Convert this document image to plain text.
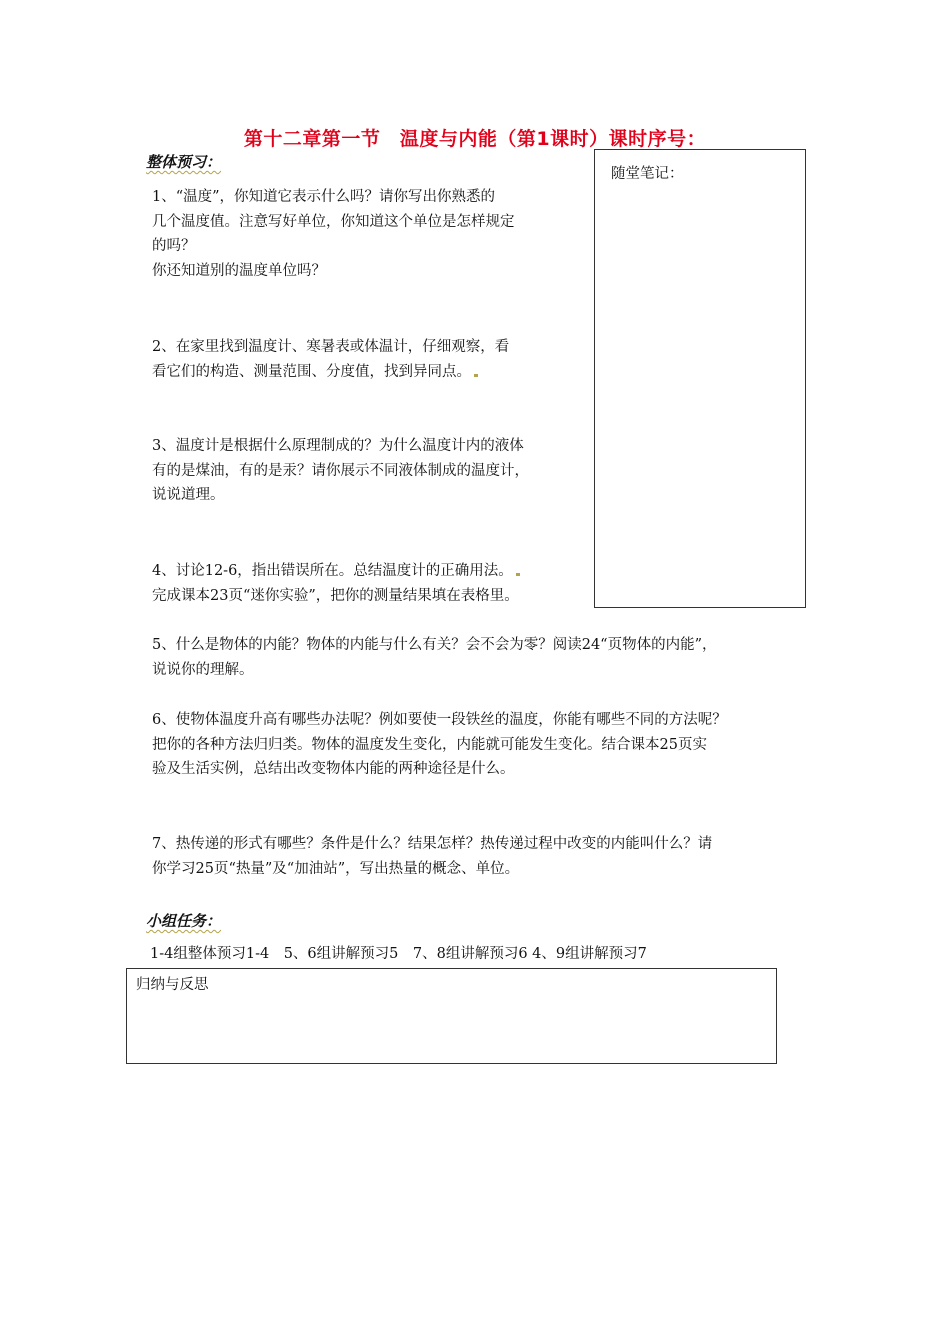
第十二章第一节　温度与内能（第1课时）课时序号：
整体预习：
随堂笔记：

1、“温度”，你知道它表示什么吗？请你写出你熟悉的

几个温度值。注意写好单位，你知道这个单位是怎样规定

的吗？

你还知道别的温度单位吗？

2、在家里找到温度计、寒暑表或体温计，仔细观察，看

看它们的构造、测量范围、分度值，找到异同点。

3、温度计是根据什么原理制成的？为什么温度计内的液体

有的是煤油，有的是汞？请你展示不同液体制成的温度计，

说说道理。

4、讨论12-6，指出错误所在。总结温度计的正确用法。

完成课本23页“迷你实验”，把你的测量结果填在表格里。

5、什么是物体的内能？物体的内能与什么有关？会不会为零？阅读24“页物体的内能”，

说说你的理解。

6、使物体温度升高有哪些办法呢？例如要使一段铁丝的温度，你能有哪些不同的方法呢？

把你的各种方法归归类。物体的温度发生变化，内能就可能发生变化。结合课本25页实

验及生活实例，总结出改变物体内能的两种途径是什么。

7、热传递的形式有哪些？条件是什么？结果怎样？热传递过程中改变的内能叫什么？请

你学习25页“热量”及“加油站”，写出热量的概念、单位。

小组任务：
1-4组整体预习1-4　5、6组讲解预习5　7、8组讲解预习6 4、9组讲解预习7
归纳与反思
